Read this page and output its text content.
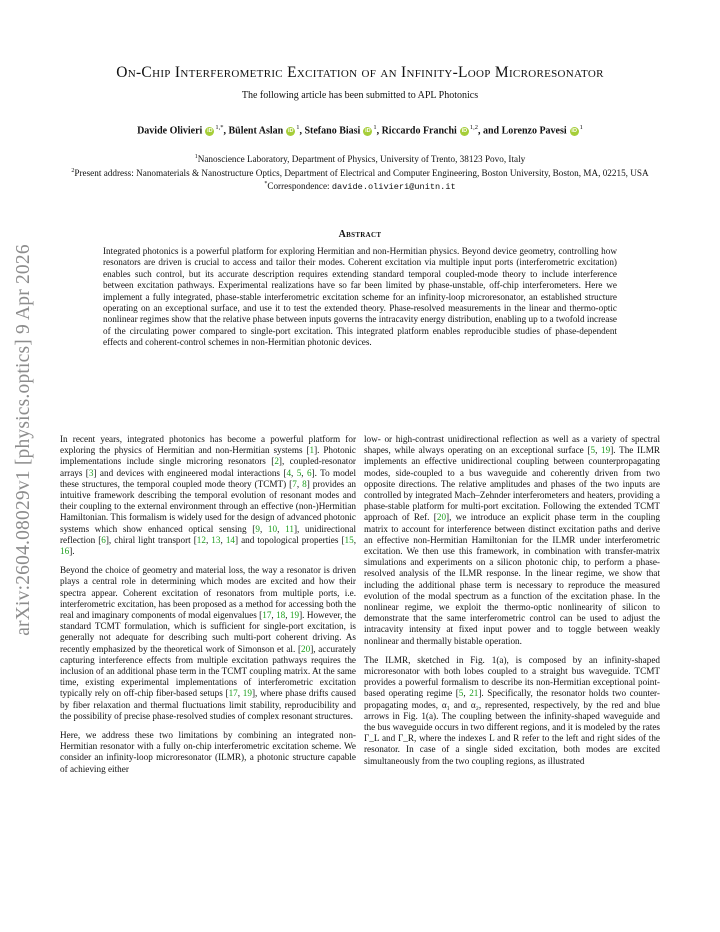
arXiv:2604.08029v1 [physics.optics] 9 Apr 2026
On-Chip Interferometric Excitation of an Infinity-Loop Microresonator
The following article has been submitted to APL Photonics
Davide Olivieri $iD^{1,*}$, Bülent Aslan $iD^1$, Stefano Biasi $iD^1$, Riccardo Franchi iD$^{1,2}$, and Lorenzo Pavesi $iD^1$
$^1$Nanoscience Laboratory, Department of Physics, University of Trento, 38123 Povo, Italy
$^2$Present address: Nanomaterials & Nanostructure Optics, Department of Electrical and Computer Engineering, Boston University, Boston, MA, 02215, USA
*Correspondence: davide.olivieri@unitn.it
Abstract
Integrated photonics is a powerful platform for exploring Hermitian and non-Hermitian physics. Beyond device geometry, controlling how resonators are driven is crucial to access and tailor their modes. Coherent excitation via multiple input ports (interferometric excitation) enables such control, but its accurate description requires extending standard temporal coupled-mode theory to include interference between excitation pathways. Experimental realizations have so far been limited by phase-unstable, off-chip interferometers. Here we implement a fully integrated, phase-stable interferometric excitation scheme for an infinity-loop microresonator, an established structure operating on an exceptional surface, and use it to test the extended theory. Phase-resolved measurements in the linear and thermo-optic nonlinear regimes show that the relative phase between inputs governs the intracavity energy distribution, enabling up to a twofold increase of the circulating power compared to single-port excitation. This integrated platform enables reproducible studies of phase-dependent effects and coherent-control schemes in non-Hermitian photonic devices.

In recent years, integrated photonics has become a powerful platform for exploring the physics of Hermitian and non-Hermitian systems [1]. Photonic implementations include single microring resonators [2], coupled-resonator arrays [3] and devices with engineered modal interactions [4, 5, 6]. To model these structures, the temporal coupled mode theory (TCMT) [7, 8] provides an intuitive framework describing the temporal evolution of resonant modes and their coupling to the external environment through an effective (non-)Hermitian Hamiltonian. This formalism is widely used for the design of advanced photonic systems which show enhanced optical sensing [9, 10, 11], unidirectional reflection [6], chiral light transport [12, 13, 14] and topological properties [15, 16].

Beyond the choice of geometry and material loss, the way a resonator is driven plays a central role in determining which modes are excited and how their spectra appear. Coherent excitation of resonators from multiple ports, i.e. interferometric excitation, has been proposed as a method for accessing both the real and imaginary components of modal eigenvalues [17, 18, 19]. However, the standard TCMT formulation, which is sufficient for single-port excitation, is generally not adequate for describing such multi-port coherent driving. As recently emphasized by the theoretical work of Simonson et al. [20], accurately capturing interference effects from multiple excitation pathways requires the inclusion of an additional phase term in the TCMT coupling matrix. At the same time, existing experimental implementations of interferometric excitation typically rely on off-chip fiber-based setups [17, 19], where phase drifts caused by fiber relaxation and thermal fluctuations limit stability, reproducibility and the possibility of precise phase-resolved studies of complex resonant structures.

Here, we address these two limitations by combining an integrated non-Hermitian resonator with a fully on-chip interferometric excitation scheme. We consider an infinity-loop microresonator (ILMR), a photonic structure capable of achieving either

low- or high-contrast unidirectional reflection as well as a variety of spectral shapes, while always operating on an exceptional surface [5, 19]. The ILMR implements an effective unidirectional coupling between counterpropagating modes, side-coupled to a bus waveguide and coherently driven from two opposite directions. The relative amplitudes and phases of the two inputs are controlled by integrated Mach–Zehnder interferometers and heaters, providing a phase-stable platform for multi-port excitation. Following the extended TCMT approach of Ref. [20], we introduce an explicit phase term in the coupling matrix to account for interference between distinct excitation paths and derive an effective non-Hermitian Hamiltonian for the ILMR under interferometric excitation. We then use this framework, in combination with transfer-matrix simulations and experiments on a silicon photonic chip, to perform a phase-resolved analysis of the ILMR response. In the linear regime, we show that including the additional phase term is necessary to reproduce the measured evolution of the modal spectrum as a function of the excitation phase. In the nonlinear regime, we exploit the thermo-optic nonlinearity of silicon to demonstrate that the same interferometric control can be used to adjust the intracavity intensity at fixed input power and to toggle between weakly nonlinear and thermally bistable operation.

The ILMR, sketched in Fig. 1(a), is composed by an infinity-shaped microresonator with both lobes coupled to a straight bus waveguide. TCMT provides a powerful formalism to describe its non-Hermitian exceptional point-based operating regime [5, 21]. Specifically, the resonator holds two counter-propagating modes, α₁ and α₂, represented, respectively, by the red and blue arrows in Fig. 1(a). The coupling between the infinity-shaped waveguide and the bus waveguide occurs in two different regions, and it is modeled by the rates Γ_L and Γ_R, where the indexes L and R refer to the left and right sides of the resonator. In case of a single sided excitation, both modes are excited simultaneously from the two coupling regions, as illustrated
